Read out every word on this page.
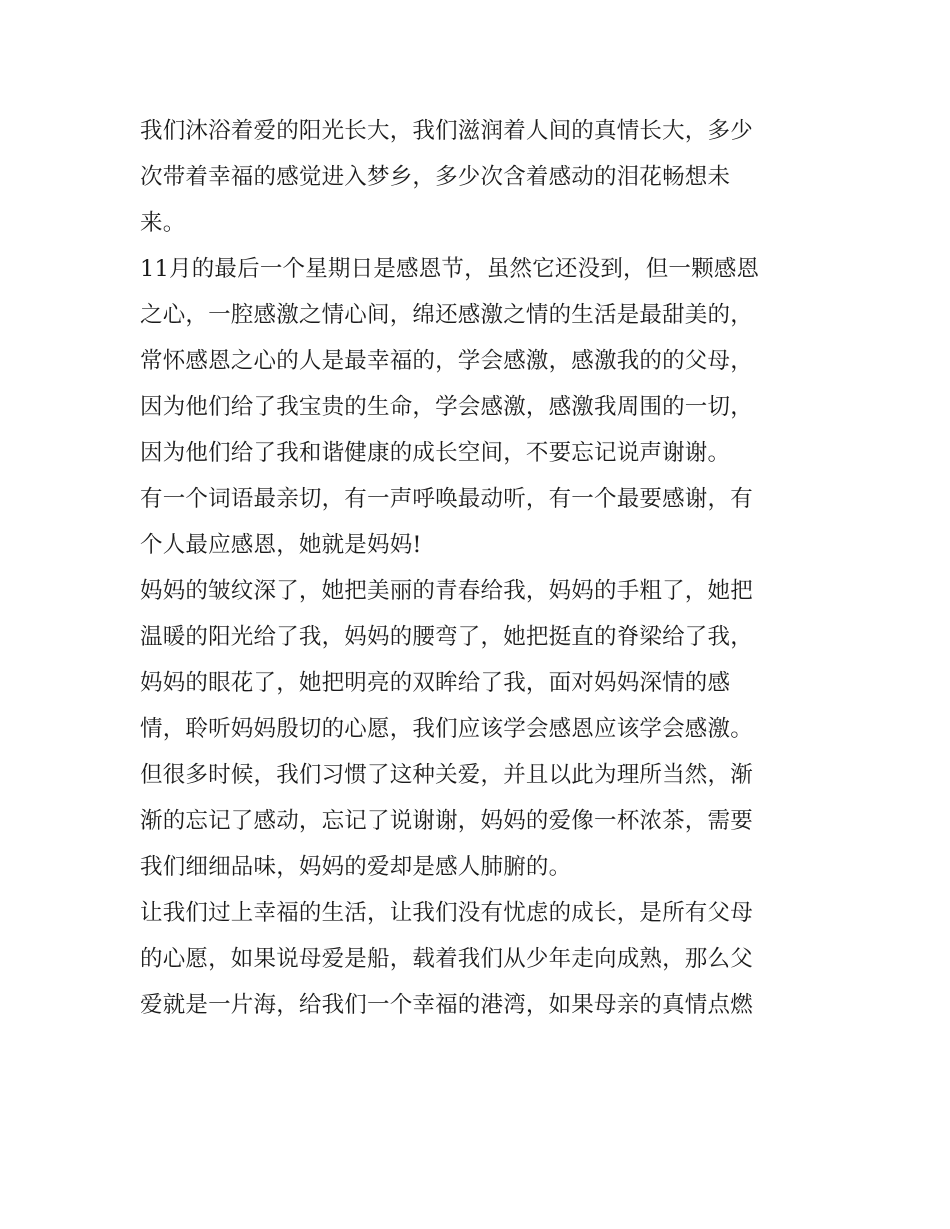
我们沐浴着爱的阳光长大，我们滋润着人间的真情长大，多少
次带着幸福的感觉进入梦乡，多少次含着感动的泪花畅想未
来。
11月的最后一个星期日是感恩节，虽然它还没到，但一颗感恩
之心，一腔感激之情心间，绵还感激之情的生活是最甜美的，
常怀感恩之心的人是最幸福的，学会感激，感激我的的父母，
因为他们给了我宝贵的生命，学会感激，感激我周围的一切，
因为他们给了我和谐健康的成长空间，不要忘记说声谢谢。
有一个词语最亲切，有一声呼唤最动听，有一个最要感谢，有
个人最应感恩，她就是妈妈!
妈妈的皱纹深了，她把美丽的青春给我，妈妈的手粗了，她把
温暖的阳光给了我，妈妈的腰弯了，她把挺直的脊梁给了我，
妈妈的眼花了，她把明亮的双眸给了我，面对妈妈深情的感
情，聆听妈妈殷切的心愿，我们应该学会感恩应该学会感激。
但很多时候，我们习惯了这种关爱，并且以此为理所当然，渐
渐的忘记了感动，忘记了说谢谢，妈妈的爱像一杯浓茶，需要
我们细细品味，妈妈的爱却是感人肺腑的。
让我们过上幸福的生活，让我们没有忧虑的成长，是所有父母
的心愿，如果说母爱是船，载着我们从少年走向成熟，那么父
爱就是一片海，给我们一个幸福的港湾，如果母亲的真情点燃
